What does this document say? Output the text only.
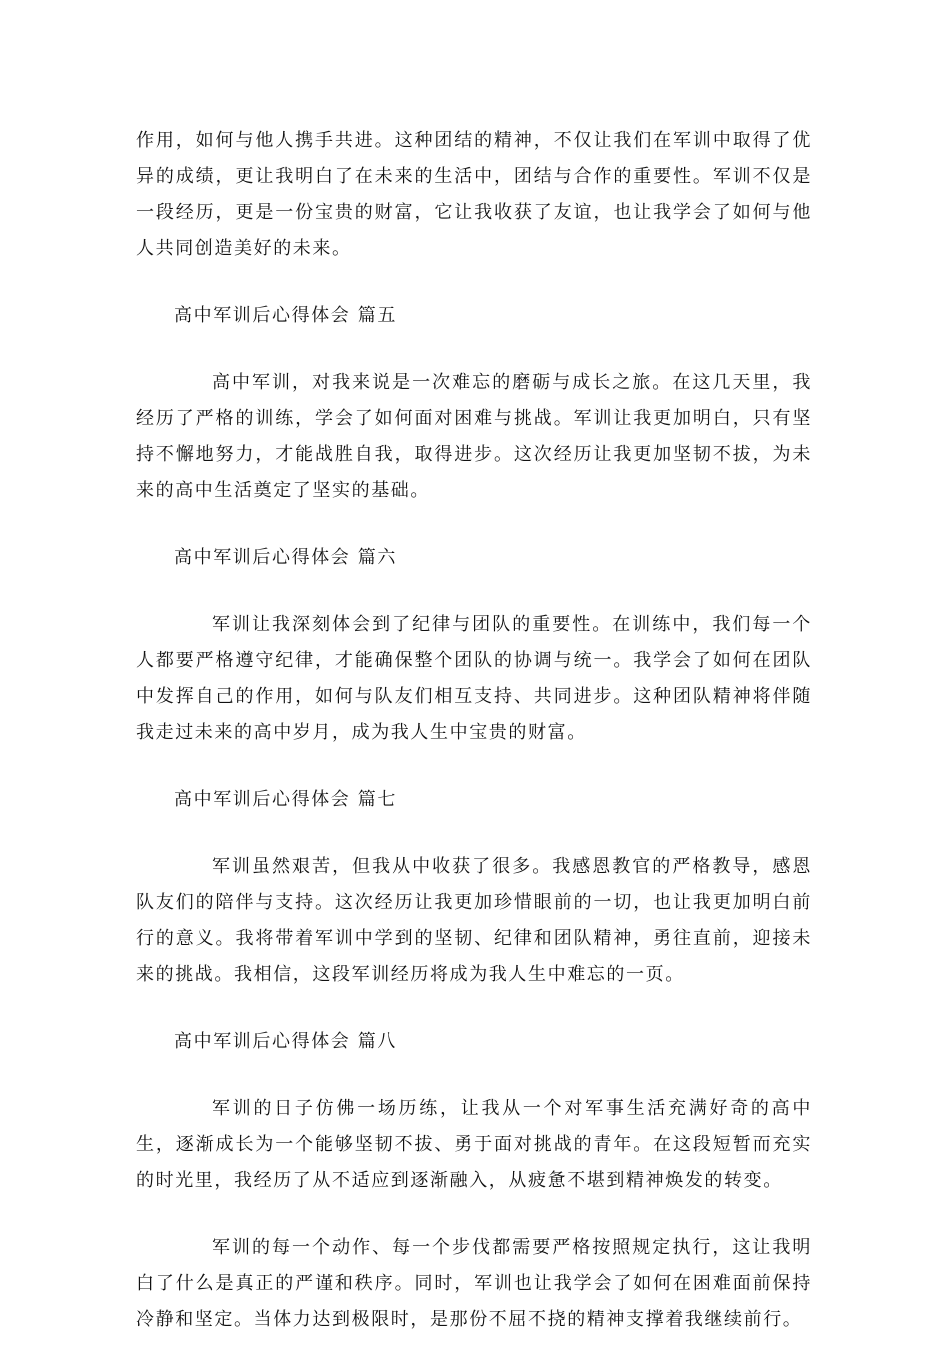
作用，如何与他人携手共进。这种团结的精神，不仅让我们在军训中取得了优异的成绩，更让我明白了在未来的生活中，团结与合作的重要性。军训不仅是一段经历，更是一份宝贵的财富，它让我收获了友谊，也让我学会了如何与他人共同创造美好的未来。

高中军训后心得体会 篇五

高中军训，对我来说是一次难忘的磨砺与成长之旅。在这几天里，我经历了严格的训练，学会了如何面对困难与挑战。军训让我更加明白，只有坚持不懈地努力，才能战胜自我，取得进步。这次经历让我更加坚韧不拔，为未来的高中生活奠定了坚实的基础。

高中军训后心得体会 篇六

军训让我深刻体会到了纪律与团队的重要性。在训练中，我们每一个人都要严格遵守纪律，才能确保整个团队的协调与统一。我学会了如何在团队中发挥自己的作用，如何与队友们相互支持、共同进步。这种团队精神将伴随我走过未来的高中岁月，成为我人生中宝贵的财富。

高中军训后心得体会 篇七

军训虽然艰苦，但我从中收获了很多。我感恩教官的严格教导，感恩队友们的陪伴与支持。这次经历让我更加珍惜眼前的一切，也让我更加明白前行的意义。我将带着军训中学到的坚韧、纪律和团队精神，勇往直前，迎接未来的挑战。我相信，这段军训经历将成为我人生中难忘的一页。

高中军训后心得体会 篇八

军训的日子仿佛一场历练，让我从一个对军事生活充满好奇的高中生，逐渐成长为一个能够坚韧不拔、勇于面对挑战的青年。在这段短暂而充实的时光里，我经历了从不适应到逐渐融入，从疲惫不堪到精神焕发的转变。

军训的每一个动作、每一个步伐都需要严格按照规定执行，这让我明白了什么是真正的严谨和秩序。同时，军训也让我学会了如何在困难面前保持冷静和坚定。当体力达到极限时，是那份不屈不挠的精神支撑着我继续前行。
